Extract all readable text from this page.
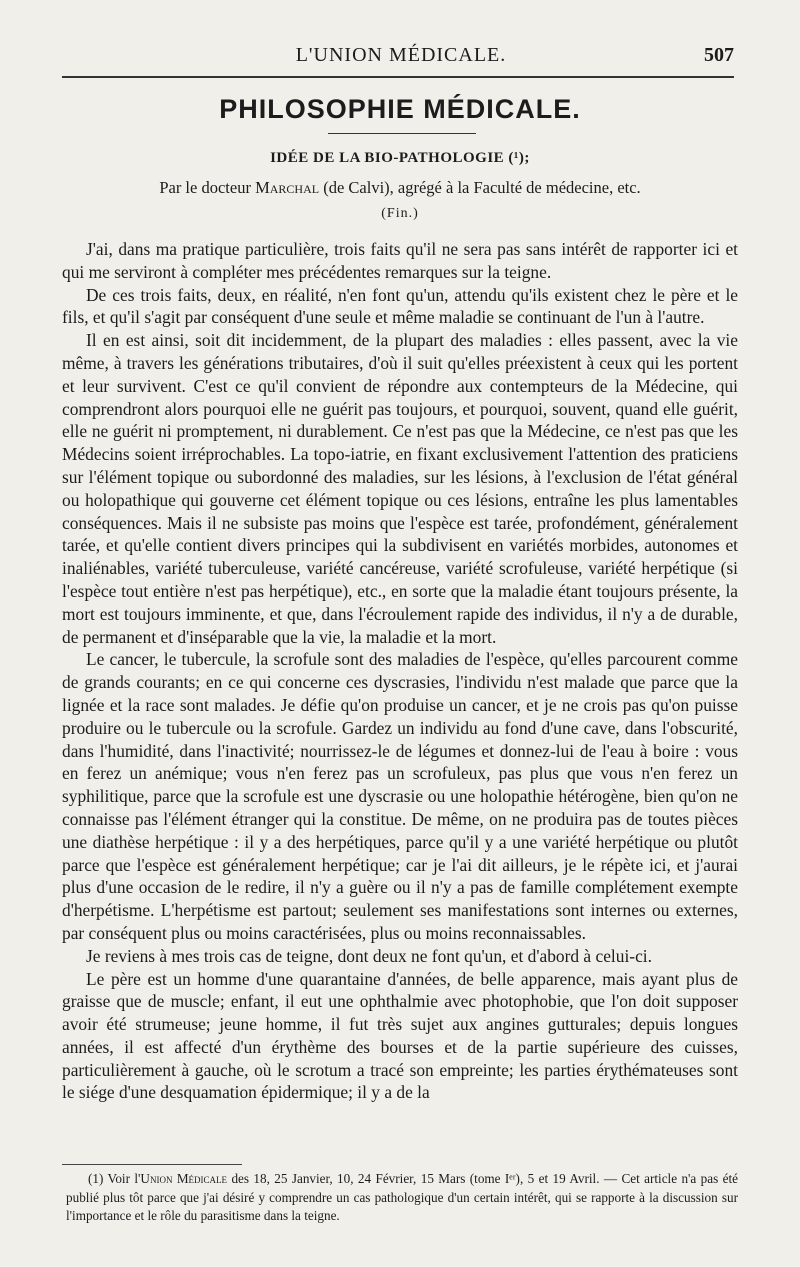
L'UNION MÉDICALE.	507
PHILOSOPHIE MÉDICALE.
IDÉE DE LA BIO-PATHOLOGIE (¹);
Par le docteur Marchal (de Calvi), agrégé à la Faculté de médecine, etc.
(Fin.)

J'ai, dans ma pratique particulière, trois faits qu'il ne sera pas sans intérêt de rapporter ici et qui me serviront à compléter mes précédentes remarques sur la teigne.

De ces trois faits, deux, en réalité, n'en font qu'un, attendu qu'ils existent chez le père et le fils, et qu'il s'agit par conséquent d'une seule et même maladie se continuant de l'un à l'autre.

Il en est ainsi, soit dit incidemment, de la plupart des maladies : elles passent, avec la vie même, à travers les générations tributaires, d'où il suit qu'elles préexistent à ceux qui les portent et leur survivent. C'est ce qu'il convient de répondre aux contempteurs de la Médecine, qui comprendront alors pourquoi elle ne guérit pas toujours, et pourquoi, souvent, quand elle guérit, elle ne guérit ni promptement, ni durablement. Ce n'est pas que la Médecine, ce n'est pas que les Médecins soient irréprochables. La topo-iatrie, en fixant exclusivement l'attention des praticiens sur l'élément topique ou subordonné des maladies, sur les lésions, à l'exclusion de l'état général ou holopathique qui gouverne cet élément topique ou ces lésions, entraîne les plus lamentables conséquences. Mais il ne subsiste pas moins que l'espèce est tarée, profondément, généralement tarée, et qu'elle contient divers principes qui la subdivisent en variétés morbides, autonomes et inaliénables, variété tuberculeuse, variété cancéreuse, variété scrofuleuse, variété herpétique (si l'espèce tout entière n'est pas herpétique), etc., en sorte que la maladie étant toujours présente, la mort est toujours imminente, et que, dans l'écroulement rapide des individus, il n'y a de durable, de permanent et d'inséparable que la vie, la maladie et la mort.

Le cancer, le tubercule, la scrofule sont des maladies de l'espèce, qu'elles parcourent comme de grands courants; en ce qui concerne ces dyscrasies, l'individu n'est malade que parce que la lignée et la race sont malades. Je défie qu'on produise un cancer, et je ne crois pas qu'on puisse produire ou le tubercule ou la scrofule. Gardez un individu au fond d'une cave, dans l'obscurité, dans l'humidité, dans l'inactivité; nourrissez-le de légumes et donnez-lui de l'eau à boire : vous en ferez un anémique; vous n'en ferez pas un scrofuleux, pas plus que vous n'en ferez un syphilitique, parce que la scrofule est une dyscrasie ou une holopathie hétérogène, bien qu'on ne connaisse pas l'élément étranger qui la constitue. De même, on ne produira pas de toutes pièces une diathèse herpétique : il y a des herpétiques, parce qu'il y a une variété herpétique ou plutôt parce que l'espèce est généralement herpétique; car je l'ai dit ailleurs, je le répète ici, et j'aurai plus d'une occasion de le redire, il n'y a guère ou il n'y a pas de famille complétement exempte d'herpétisme. L'herpétisme est partout; seulement ses manifestations sont internes ou externes, par conséquent plus ou moins caractérisées, plus ou moins reconnaissables.

Je reviens à mes trois cas de teigne, dont deux ne font qu'un, et d'abord à celui-ci.

Le père est un homme d'une quarantaine d'années, de belle apparence, mais ayant plus de graisse que de muscle; enfant, il eut une ophthalmie avec photophobie, que l'on doit supposer avoir été strumeuse; jeune homme, il fut très sujet aux angines gutturales; depuis longues années, il est affecté d'un érythème des bourses et de la partie supérieure des cuisses, particulièrement à gauche, où le scrotum a tracé son empreinte; les parties érythémateuses sont le siége d'une desquamation épidermique; il y a de la

(1) Voir l'Union Médicale des 18, 25 Janvier, 10, 24 Février, 15 Mars (tome Iᵉʳ), 5 et 19 Avril. — Cet article n'a pas été publié plus tôt parce que j'ai désiré y comprendre un cas pathologique d'un certain intérêt, qui se rapporte à la discussion sur l'importance et le rôle du parasitisme dans la teigne.
